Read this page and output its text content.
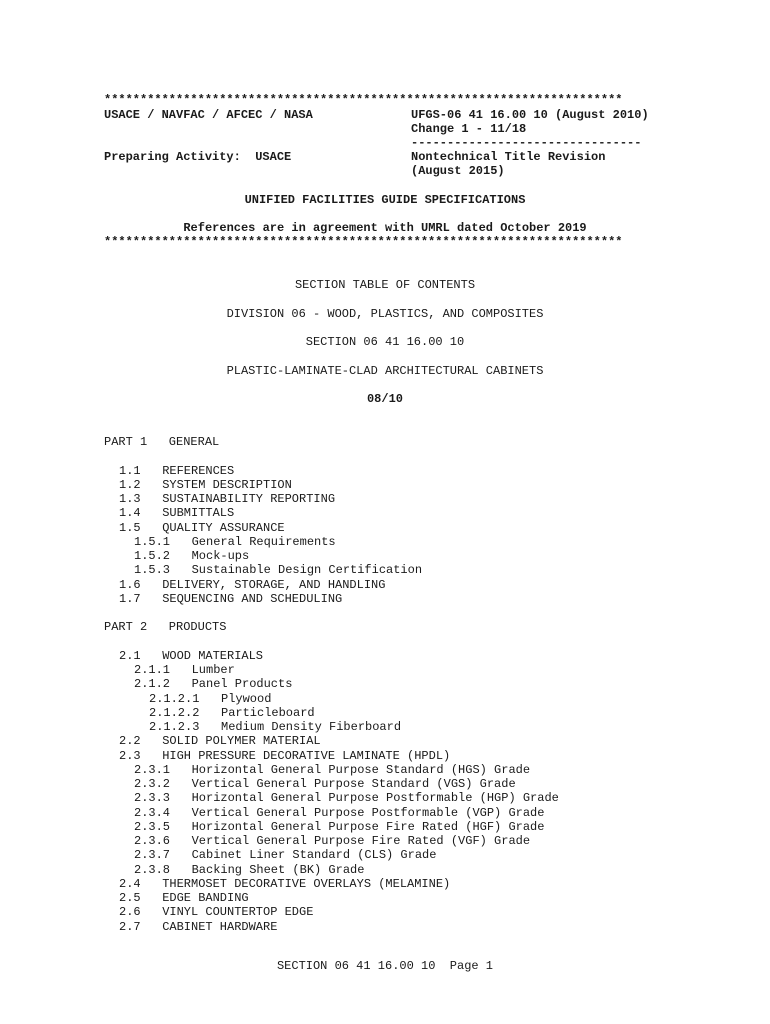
************************************************************************
USACE / NAVFAC / AFCEC / NASA	UFGS-06 41 16.00 10 (August 2010)
Change 1 - 11/18
--------------------------------
Preparing Activity:  USACE	Nontechnical Title Revision
(August 2015)
UNIFIED FACILITIES GUIDE SPECIFICATIONS
References are in agreement with UMRL dated October 2019
************************************************************************
SECTION TABLE OF CONTENTS
DIVISION 06 - WOOD, PLASTICS, AND COMPOSITES
SECTION 06 41 16.00 10
PLASTIC-LAMINATE-CLAD ARCHITECTURAL CABINETS
08/10
PART 1   GENERAL
1.1 REFERENCES
1.2 SYSTEM DESCRIPTION
1.3 SUSTAINABILITY REPORTING
1.4 SUBMITTALS
1.5 QUALITY ASSURANCE
1.5.1 General Requirements
1.5.2 Mock-ups
1.5.3 Sustainable Design Certification
1.6 DELIVERY, STORAGE, AND HANDLING
1.7 SEQUENCING AND SCHEDULING
PART 2   PRODUCTS
2.1 WOOD MATERIALS
2.1.1 Lumber
2.1.2 Panel Products
2.1.2.1 Plywood
2.1.2.2 Particleboard
2.1.2.3 Medium Density Fiberboard
2.2 SOLID POLYMER MATERIAL
2.3 HIGH PRESSURE DECORATIVE LAMINATE (HPDL)
2.3.1 Horizontal General Purpose Standard (HGS) Grade
2.3.2 Vertical General Purpose Standard (VGS) Grade
2.3.3 Horizontal General Purpose Postformable (HGP) Grade
2.3.4 Vertical General Purpose Postformable (VGP) Grade
2.3.5 Horizontal General Purpose Fire Rated (HGF) Grade
2.3.6 Vertical General Purpose Fire Rated (VGF) Grade
2.3.7 Cabinet Liner Standard (CLS) Grade
2.3.8 Backing Sheet (BK) Grade
2.4 THERMOSET DECORATIVE OVERLAYS (MELAMINE)
2.5 EDGE BANDING
2.6 VINYL COUNTERTOP EDGE
2.7 CABINET HARDWARE
SECTION 06 41 16.00 10  Page 1
